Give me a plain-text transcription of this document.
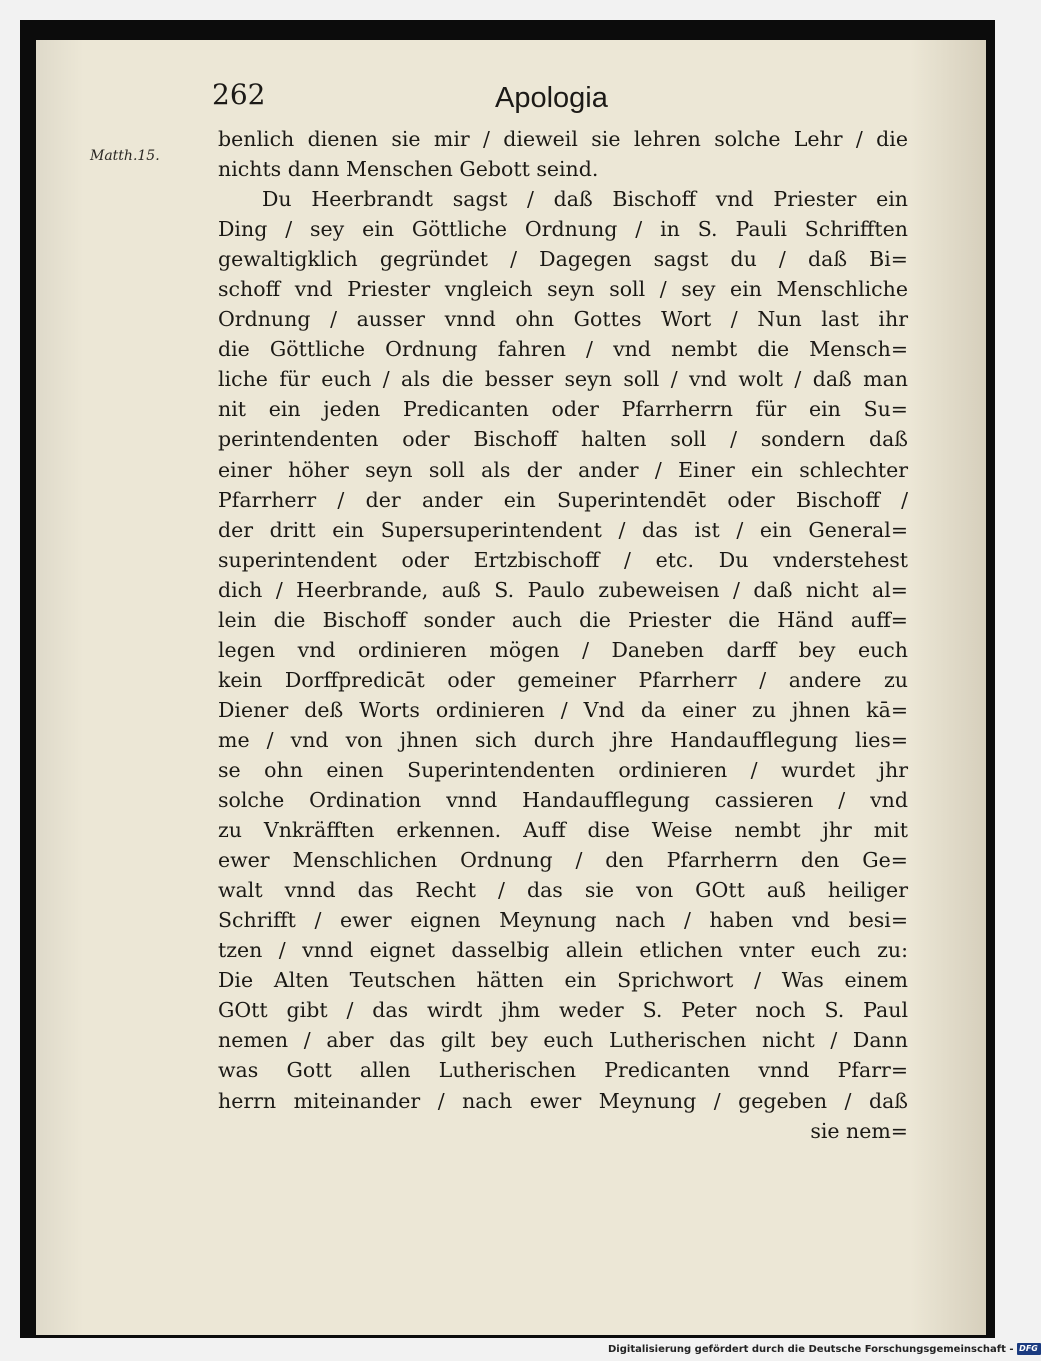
262	Apologia
Matth.15.
benlich dienen sie mir / dieweil sie lehren solche Lehr / die
nichts dann Menschen Gebott seind.
Du Heerbrandt sagst / daß Bischoff vnd Priester ein
Ding / sey ein Göttliche Ordnung / in S. Pauli Schrifften
gewaltigklich gegründet / Dagegen sagst du / daß Bi=
schoff vnd Priester vngleich seyn soll / sey ein Menschliche
Ordnung / ausser vnnd ohn Gottes Wort / Nun last ihr
die Göttliche Ordnung fahren / vnd nembt die Mensch=
liche für euch / als die besser seyn soll / vnd wolt / daß man
nit ein jeden Predicanten oder Pfarrherrn für ein Su=
perintendenten oder Bischoff halten soll / sondern daß
einer höher seyn soll als der ander / Einer ein schlechter
Pfarrherr / der ander ein Superintendēt oder Bischoff /
der dritt ein Supersuperintendent / das ist / ein General=
superintendent oder Ertzbischoff / etc. Du vnderstehest
dich / Heerbrande, auß S. Paulo zubeweisen / daß nicht al=
lein die Bischoff sonder auch die Priester die Händ auff=
legen vnd ordinieren mögen / Daneben darff bey euch
kein Dorffpredicāt oder gemeiner Pfarrherr / andere zu
Diener deß Worts ordinieren / Vnd da einer zu jhnen kā=
me / vnd von jhnen sich durch jhre Handaufflegung lies=
se ohn einen Superintendenten ordinieren / wurdet jhr
solche Ordination vnnd Handaufflegung cassieren / vnd
zu Vnkräfften erkennen. Auff dise Weise nembt jhr mit
ewer Menschlichen Ordnung / den Pfarrherrn den Ge=
walt vnnd das Recht / das sie von GOtt auß heiliger
Schrifft / ewer eignen Meynung nach / haben vnd besi=
tzen / vnnd eignet dasselbig allein etlichen vnter euch zu:
Die Alten Teutschen hätten ein Sprichwort / Was einem
GOtt gibt / das wirdt jhm weder S. Peter noch S. Paul
nemen / aber das gilt bey euch Lutherischen nicht / Dann
was Gott allen Lutherischen Predicanten vnnd Pfarr=
herrn miteinander / nach ewer Meynung / gegeben / daß
sie nem=
Digitalisierung gefördert durch die Deutsche Forschungsgemeinschaft - DFG
